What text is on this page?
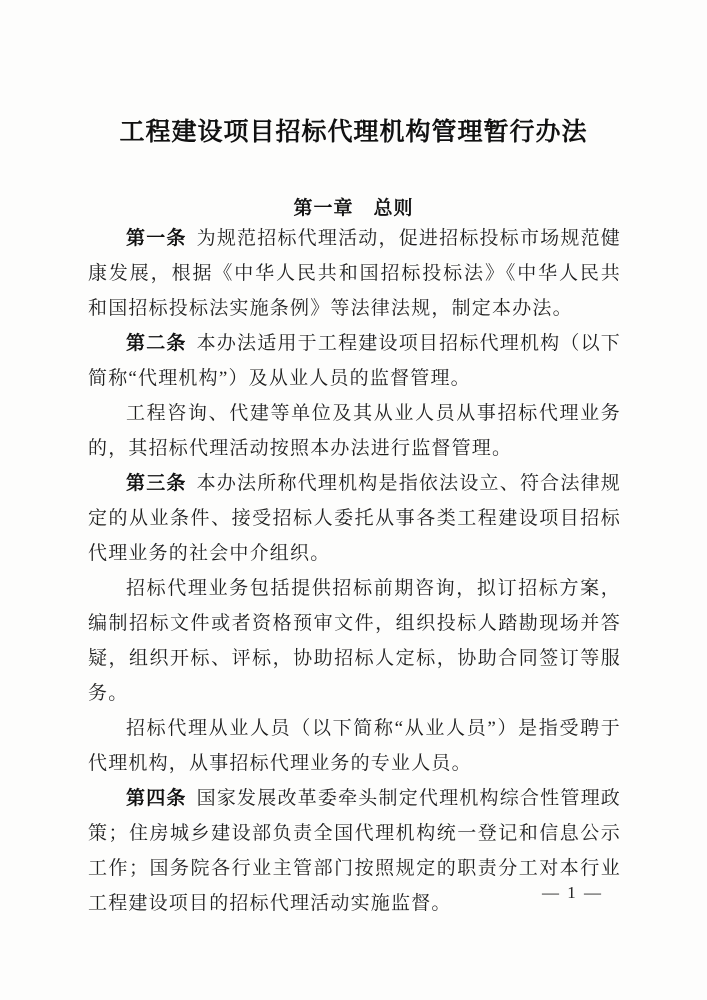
工程建设项目招标代理机构管理暂行办法
第一章　总则

第一条 为规范招标代理活动，促进招标投标市场规范健康发展，根据《中华人民共和国招标投标法》《中华人民共和国招标投标法实施条例》等法律法规，制定本办法。

第二条 本办法适用于工程建设项目招标代理机构（以下简称“代理机构”）及从业人员的监督管理。

工程咨询、代建等单位及其从业人员从事招标代理业务的，其招标代理活动按照本办法进行监督管理。

第三条 本办法所称代理机构是指依法设立、符合法律规定的从业条件、接受招标人委托从事各类工程建设项目招标代理业务的社会中介组织。

招标代理业务包括提供招标前期咨询，拟订招标方案，编制招标文件或者资格预审文件，组织投标人踏勘现场并答疑，组织开标、评标，协助招标人定标，协助合同签订等服务。

招标代理从业人员（以下简称“从业人员”）是指受聘于代理机构，从事招标代理业务的专业人员。

第四条 国家发展改革委牵头制定代理机构综合性管理政策；住房城乡建设部负责全国代理机构统一登记和信息公示工作；国务院各行业主管部门按照规定的职责分工对本行业工程建设项目的招标代理活动实施监督。

— 1 —
